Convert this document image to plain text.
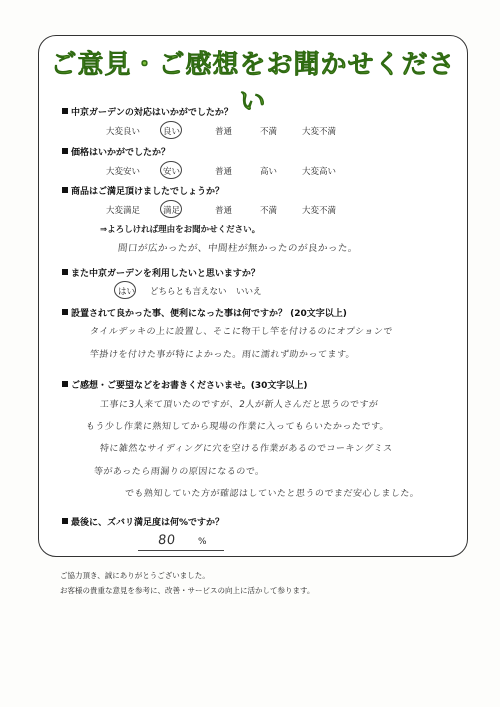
ご意見・ご感想をお聞かせください
中京ガーデンの対応はいかがでしたか？
大変良い	良い	普通	不満	大変不満
価格はいかがでしたか？
大変安い	安い	普通	高い	大変高い
商品はご満足頂けましたでしょうか？
大変満足	満足	普通	不満	大変不満
⇒よろしければ理由をお聞かせください。
間口が広かったが、中間柱が無かったのが良かった。
また中京ガーデンを利用したいと思いますか？
はい どちらとも言えない いいえ
設置されて良かった事、便利になった事は何ですか？ (20文字以上)
タイルデッキの上に設置し、そこに物干し竿を付けるのにオプションで
竿掛けを付けた事が特によかった。雨に濡れず助かってます。
ご感想・ご要望などをお書きくださいませ。(30文字以上)
工事に3人来て頂いたのですが、2人が新人さんだと思うのですが
もう少し作業に熟知してから現場の作業に入ってもらいたかったです。
特に雑然なサイディングに穴を空ける作業があるのでコーキングミス
等があったら雨漏りの原因になるので。
でも熟知していた方が確認はしていたと思うのでまだ安心しました。
最後に、ズバリ満足度は何%ですか？
80 %
ご協力頂き、誠にありがとうございました。
お客様の貴重な意見を参考に、改善・サービスの向上に活かして参ります。
